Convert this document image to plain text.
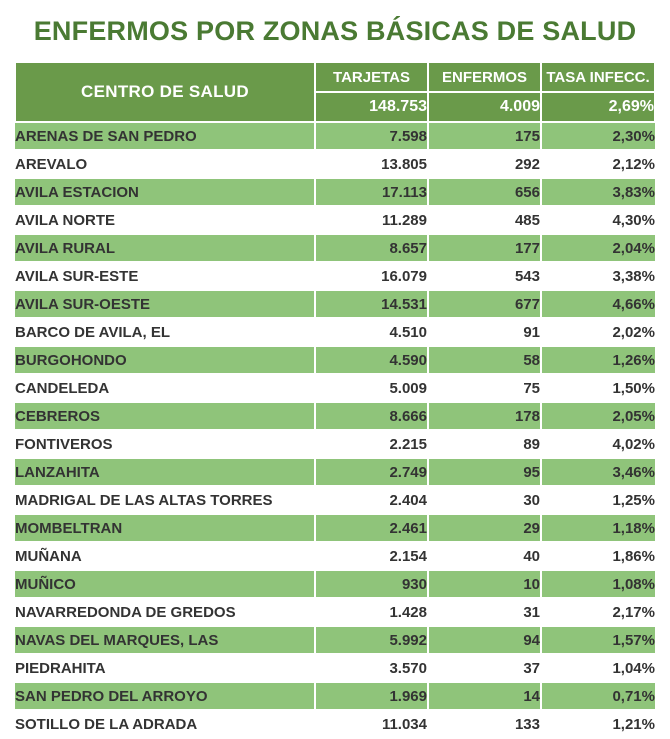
ENFERMOS POR ZONAS BÁSICAS DE SALUD
CENTRO DE SALUD	TARJETAS	ENFERMOS	TASA INFECC.
	148.753	4.009	2,69%
ARENAS DE SAN PEDRO	7.598	175	2,30%
AREVALO	13.805	292	2,12%
AVILA ESTACION	17.113	656	3,83%
AVILA NORTE	11.289	485	4,30%
AVILA RURAL	8.657	177	2,04%
AVILA SUR-ESTE	16.079	543	3,38%
AVILA SUR-OESTE	14.531	677	4,66%
BARCO DE AVILA, EL	4.510	91	2,02%
BURGOHONDO	4.590	58	1,26%
CANDELEDA	5.009	75	1,50%
CEBREROS	8.666	178	2,05%
FONTIVEROS	2.215	89	4,02%
LANZAHITA	2.749	95	3,46%
MADRIGAL DE LAS ALTAS TORRES	2.404	30	1,25%
MOMBELTRAN	2.461	29	1,18%
MUÑANA	2.154	40	1,86%
MUÑICO	930	10	1,08%
NAVARREDONDA DE GREDOS	1.428	31	2,17%
NAVAS DEL MARQUES, LAS	5.992	94	1,57%
PIEDRAHITA	3.570	37	1,04%
SAN PEDRO DEL ARROYO	1.969	14	0,71%
SOTILLO DE LA ADRADA	11.034	133	1,21%
